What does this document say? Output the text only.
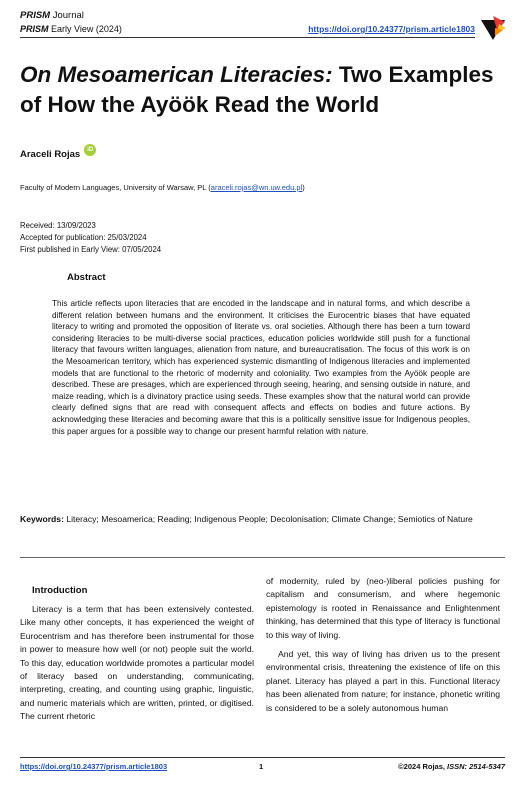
PRISM Journal
PRISM Early View (2024)	https://doi.org/10.24377/prism.article1803
On Mesoamerican Literacies: Two Examples of How the Ayöök Read the World
Araceli Rojas	iD
Faculty of Modern Languages, University of Warsaw, PL (araceli.rojas@wn.uw.edu.pl)
Received: 13/09/2023
Accepted for publication: 25/03/2024
First published in Early View: 07/05/2024
Abstract
This article reflects upon literacies that are encoded in the landscape and in natural forms, and which describe a different relation between humans and the environment. It criticises the Eurocentric biases that have equated literacy to writing and promoted the opposition of literate vs. oral societies. Although there has been a turn toward considering literacies to be multi-diverse social practices, education policies worldwide still push for a functional literacy that favours written languages, alienation from nature, and bureaucratisation. The focus of this work is on the Mesoamerican territory, which has experienced systemic dismantling of Indigenous literacies and implemented models that are functional to the rhetoric of modernity and coloniality. Two examples from the Ayöök people are described. These are presages, which are experienced through seeing, hearing, and sensing outside in nature, and maize reading, which is a divinatory practice using seeds. These examples show that the natural world can provide clearly defined signs that are read with consequent affects and effects on bodies and future actions. By acknowledging these literacies and becoming aware that this is a politically sensitive issue for Indigenous peoples, this paper argues for a possible way to change our present harmful relation with nature.
Keywords: Literacy; Mesoamerica; Reading; Indigenous People; Decolonisation; Climate Change; Semiotics of Nature
Introduction
Literacy is a term that has been extensively contested. Like many other concepts, it has experienced the weight of Eurocentrism and has therefore been instrumental for those in power to measure how well (or not) people suit the world. To this day, education worldwide promotes a particular model of literacy based on understanding, communicating, interpreting, creating, and counting using graphic, linguistic, and numeric materials which are written, printed, or digitised. The current rhetoric

of modernity, ruled by (neo-)liberal policies pushing for capitalism and consumerism, and where hegemonic epistemology is rooted in Renaissance and Enlightenment thinking, has determined that this type of literacy is functional to this way of living.

And yet, this way of living has driven us to the present environmental crisis, threatening the existence of life on this planet. Literacy has played a part in this. Functional literacy has been alienated from nature; for instance, phonetic writing is considered to be a solely autonomous human

https://doi.org/10.24377/prism.article1803	1	©2024 Rojas, ISSN: 2514-5347
